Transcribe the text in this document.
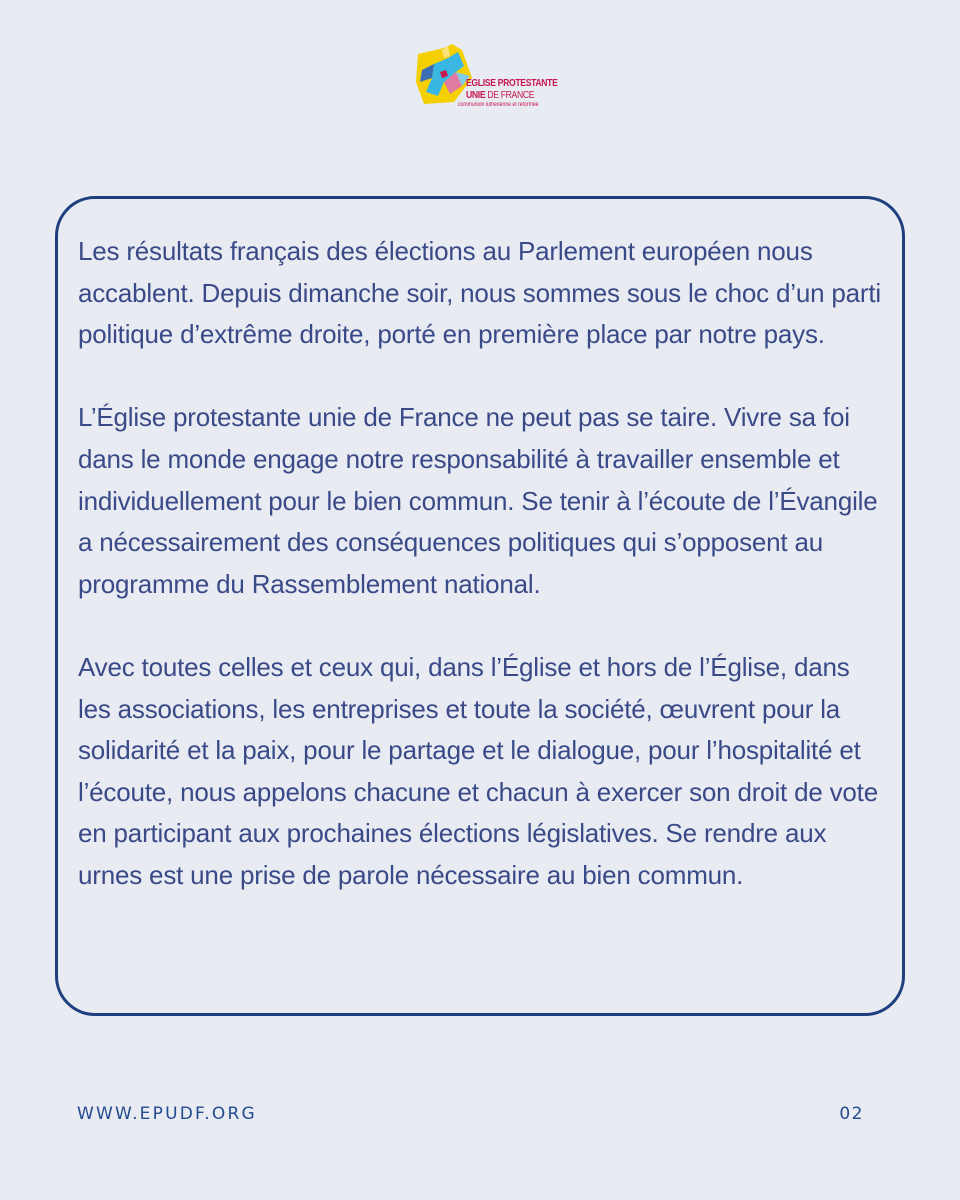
EGLISE PROTESTANTE
UNIE DE FRANCE
communion luthérienne et réformée

Les résultats français des élections au Parlement européen nous accablent. Depuis dimanche soir, nous sommes sous le choc d’un parti politique d’extrême droite, porté en première place par notre pays.

L’Église protestante unie de France ne peut pas se taire. Vivre sa foi dans le monde engage notre responsabilité à travailler ensemble et individuellement pour le bien commun. Se tenir à l’écoute de l’Évangile a nécessairement des conséquences politiques qui s’opposent au programme du Rassemblement national.

Avec toutes celles et ceux qui, dans l’Église et hors de l’Église, dans les associations, les entreprises et toute la société, œuvrent pour la solidarité et la paix, pour le partage et le dialogue, pour l’hospitalité et l’écoute, nous appelons chacune et chacun à exercer son droit de vote en participant aux prochaines élections législatives. Se rendre aux urnes est une prise de parole nécessaire au bien commun.

WWW.EPUDF.ORG	02
